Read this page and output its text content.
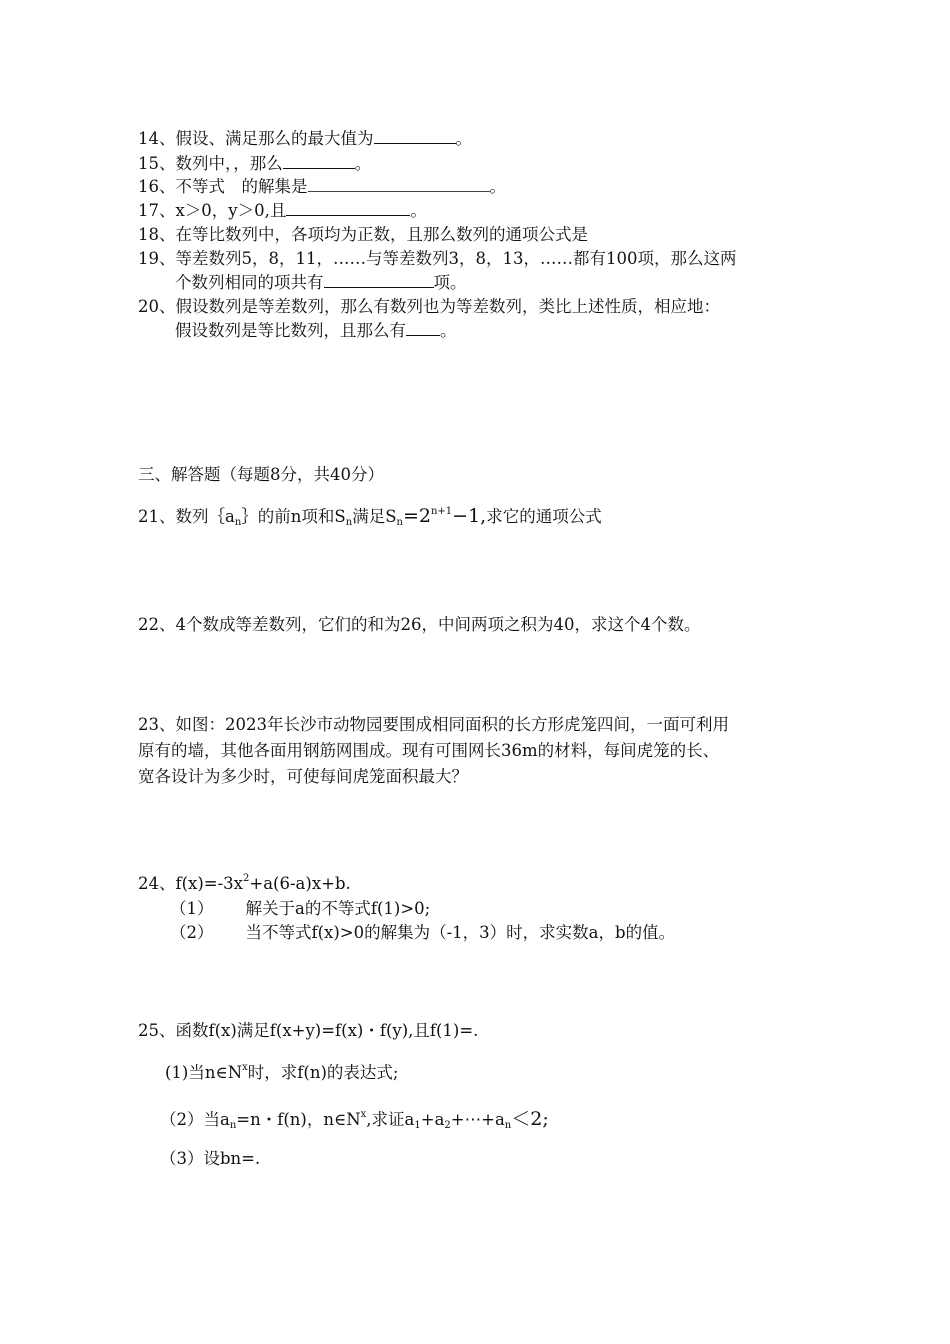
14、假设、满足那么的最大值为	。
15、数列中，，那么	。
16、不等式　的解集是	。
17、x＞0，y＞0,且	。
18、在等比数列中，各项均为正数，且那么数列的通项公式是
19、等差数列5，8，11，……与等差数列3，8，13，……都有100项，那么这两
个数列相同的项共有	项。
20、假设数列是等差数列，那么有数列也为等差数列，类比上述性质，相应地：
假设数列是等比数列，且那么有 。
三、解答题（每题8分，共40分）
21、数列$\{a_n\}$的前n项和$S_n$满足$S_n=2^{n+1}-1$,求它的通项公式
22、4个数成等差数列，它们的和为26，中间两项之积为40，求这个4个数。
23、如图：2023年长沙市动物园要围成相同面积的长方形虎笼四间，一面可利用
原有的墙，其他各面用钢筋网围成。现有可围网长36m的材料，每间虎笼的长、
宽各设计为多少时，可使每间虎笼面积最大？
24、$f(x)=-3x^2+a(6-a)x+b$.
（1） 解关于a的不等式f(1)>0;
（2） 当不等式f(x)>0的解集为（-1，3）时，求实数a，b的值。
25、函数f(x)满足f(x+y)=f(x)・f(y),且f(1)=.
(1)当$n\in N^x$时，求f(n)的表达式;
（2）当$a_n=n$・f(n)，$n\in N^x$,求证$a_1+a_2+\cdots+a_n<2$;
（3）设bn=.
